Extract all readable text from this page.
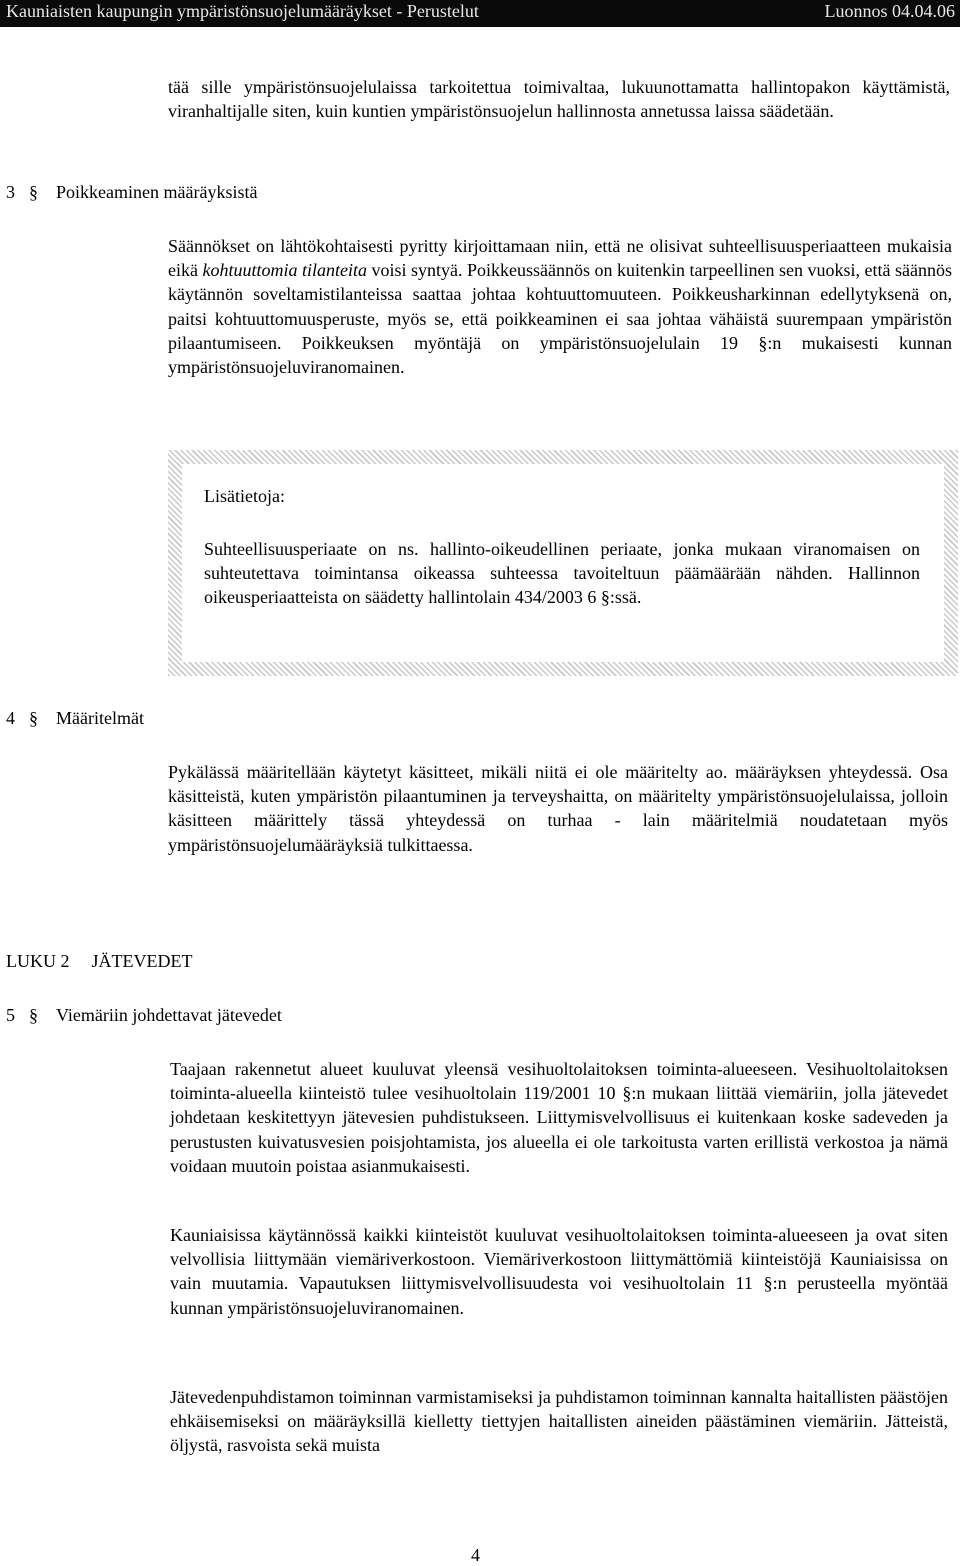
Kauniaisten kaupungin ympäristönsuojelumääräykset - Perustelut	Luonnos 04.04.06

tää sille ympäristönsuojelulaissa tarkoitettua toimivaltaa, lukuunottamatta hallintopakon käyttämistä, viranhaltijalle siten, kuin kuntien ympäristönsuojelun hallinnosta annetussa laissa säädetään.

3 § Poikkeaminen määräyksistä

Säännökset on lähtökohtaisesti pyritty kirjoittamaan niin, että ne olisivat suhteellisuusperiaatteen mukaisia eikä kohtuuttomia tilanteita voisi syntyä. Poikkeussäännös on kuitenkin tarpeellinen sen vuoksi, että säännös käytännön soveltamistilanteissa saattaa johtaa kohtuuttomuuteen. Poikkeusharkinnan edellytyksenä on, paitsi kohtuuttomuusperuste, myös se, että poikkeaminen ei saa johtaa vähäistä suurempaan ympäristön pilaantumiseen. Poikkeuksen myöntäjä on ympäristönsuojelulain 19 §:n mukaisesti kunnan ympäristönsuojeluviranomainen.

Lisätietoja:

Suhteellisuusperiaate on ns. hallinto-oikeudellinen periaate, jonka mukaan viranomaisen on suhteutettava toimintansa oikeassa suhteessa tavoiteltuun päämäärään nähden. Hallinnon oikeusperiaatteista on säädetty hallintolain 434/2003 6 §:ssä.

4 § Määritelmät

Pykälässä määritellään käytetyt käsitteet, mikäli niitä ei ole määritelty ao. määräyksen yhteydessä. Osa käsitteistä, kuten ympäristön pilaantuminen ja terveyshaitta, on määritelty ympäristönsuojelulaissa, jolloin käsitteen määrittely tässä yhteydessä on turhaa - lain määritelmiä noudatetaan myös ympäristönsuojelumääräyksiä tulkittaessa.

LUKU 2 JÄTEVEDET
5 § Viemäriin johdettavat jätevedet

Taajaan rakennetut alueet kuuluvat yleensä vesihuoltolaitoksen toiminta-alueeseen. Vesihuoltolaitoksen toiminta-alueella kiinteistö tulee vesihuoltolain 119/2001 10 §:n mukaan liittää viemäriin, jolla jätevedet johdetaan keskitettyyn jätevesien puhdistukseen. Liittymisvelvollisuus ei kuitenkaan koske sadeveden ja perustusten kuivatusvesien poisjohtamista, jos alueella ei ole tarkoitusta varten erillistä verkostoa ja nämä voidaan muutoin poistaa asianmukaisesti.

Kauniaisissa käytännössä kaikki kiinteistöt kuuluvat vesihuoltolaitoksen toiminta-alueeseen ja ovat siten velvollisia liittymään viemäriverkostoon. Viemäriverkostoon liittymättömiä kiinteistöjä Kauniaisissa on vain muutamia. Vapautuksen liittymisvelvollisuudesta voi vesihuoltolain 11 §:n perusteella myöntää kunnan ympäristönsuojeluviranomainen.

Jätevedenpuhdistamon toiminnan varmistamiseksi ja puhdistamon toiminnan kannalta haitallisten päästöjen ehkäisemiseksi on määräyksillä kielletty tiettyjen haitallisten aineiden päästäminen viemäriin. Jätteistä, öljystä, rasvoista sekä muista

4
